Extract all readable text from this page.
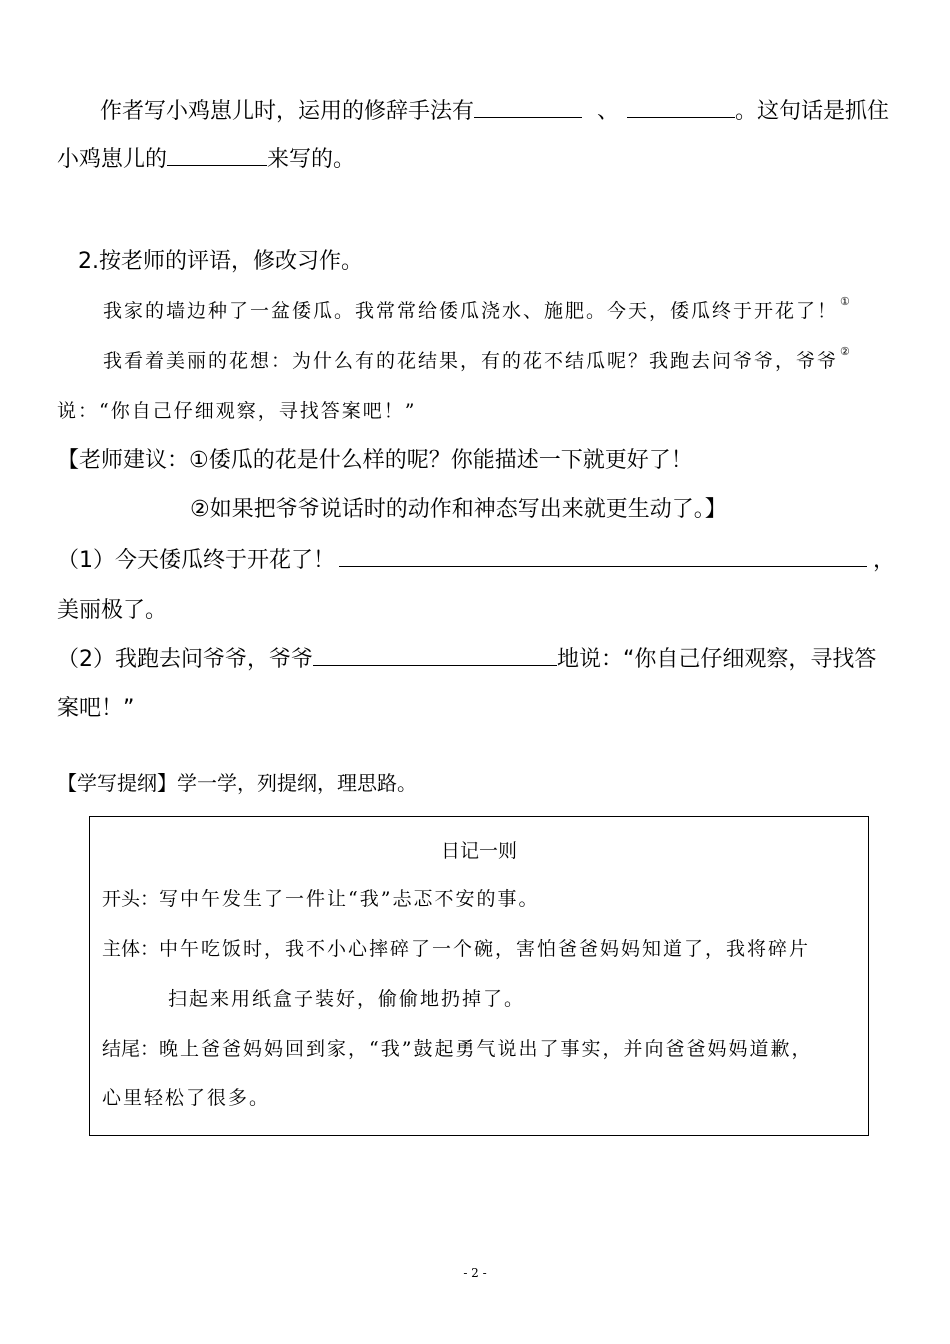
作者写小鸡崽儿时，运用的修辞手法有	、	。这句话是抓住
小鸡崽儿的	来写的。
2.按老师的评语，修改习作。
我家的墙边种了一盆倭瓜。我常常给倭瓜浇水、施肥。今天，倭瓜终于开花了！ ①
我看着美丽的花想：为什么有的花结果，有的花不结瓜呢？我跑去问爷爷，爷爷 ②
说：“你自己仔细观察，寻找答案吧！”
【老师建议：①倭瓜的花是什么样的呢？你能描述一下就更好了！
②如果把爷爷说话时的动作和神态写出来就更生动了。】
（1）今天倭瓜终于开花了！	，
美丽极了。
（2）我跑去问爷爷，爷爷	地说：“你自己仔细观察，寻找答
案吧！”
【学写提纲】学一学，列提纲，理思路。
日记一则
开头：写中午发生了一件让“我”忐忑不安的事。
主体：中午吃饭时，我不小心摔碎了一个碗，害怕爸爸妈妈知道了，我将碎片
扫起来用纸盒子装好，偷偷地扔掉了。
结尾：晚上爸爸妈妈回到家，“我”鼓起勇气说出了事实，并向爸爸妈妈道歉，
心里轻松了很多。
- 2 -
